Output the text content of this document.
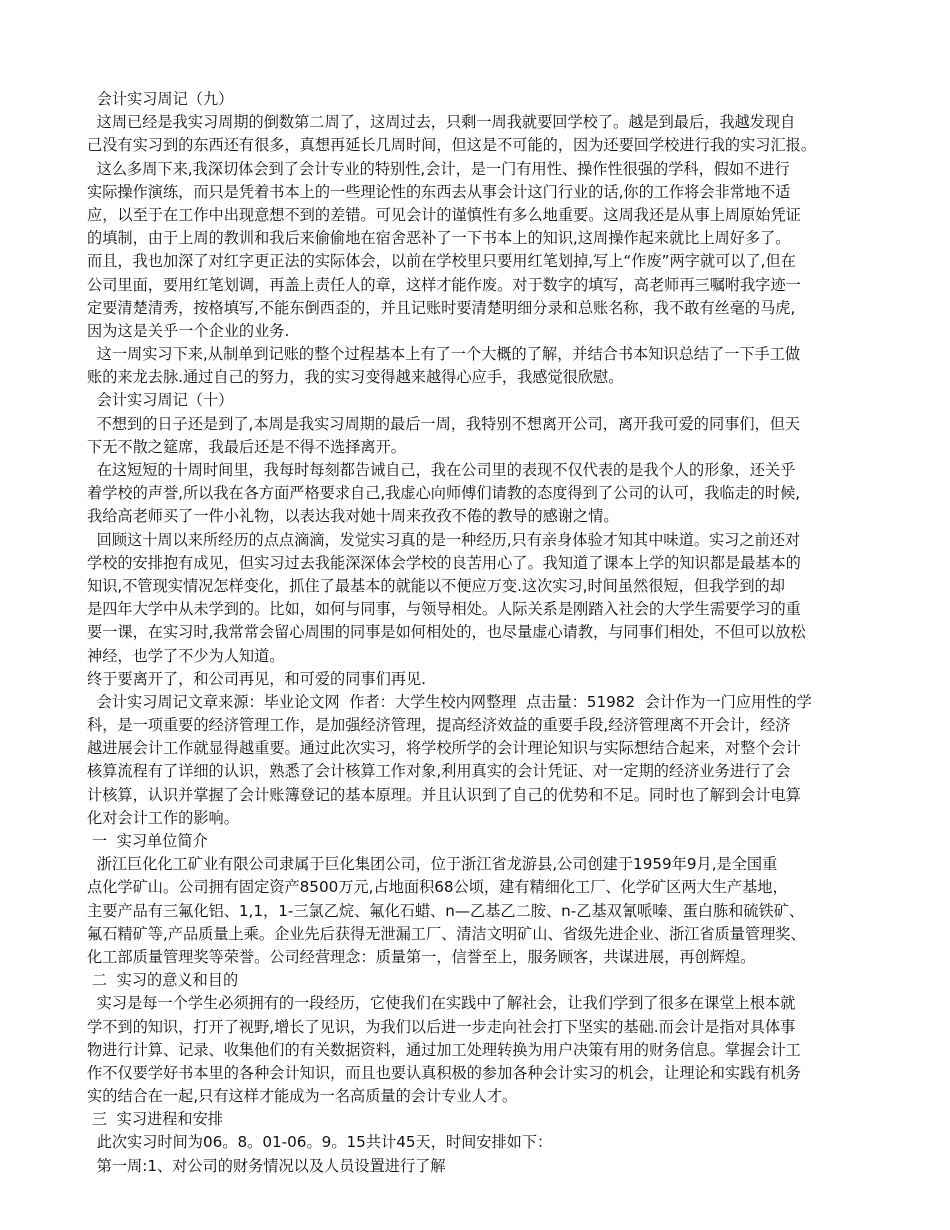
会计实习周记（九）
这周已经是我实习周期的倒数第二周了，这周过去，只剩一周我就要回学校了。越是到最后，我越发现自
己没有实习到的东西还有很多，真想再延长几周时间，但这是不可能的，因为还要回学校进行我的实习汇报。
这么多周下来,我深切体会到了会计专业的特别性,会计，是一门有用性、操作性很强的学科，假如不进行
实际操作演练，而只是凭着书本上的一些理论性的东西去从事会计这门行业的话,你的工作将会非常地不适
应，以至于在工作中出现意想不到的差错。可见会计的谨慎性有多么地重要。这周我还是从事上周原始凭证
的填制，由于上周的教训和我后来偷偷地在宿舍恶补了一下书本上的知识,这周操作起来就比上周好多了。
而且，我也加深了对红字更正法的实际体会，以前在学校里只要用红笔划掉,写上“作废”两字就可以了,但在
公司里面，要用红笔划调，再盖上责任人的章，这样才能作废。对于数字的填写，高老师再三嘱咐我字迹一
定要清楚清秀，按格填写,不能东倒西歪的，并且记账时要清楚明细分录和总账名称，我不敢有丝毫的马虎,
因为这是关乎一个企业的业务.
这一周实习下来,从制单到记账的整个过程基本上有了一个大概的了解，并结合书本知识总结了一下手工做
账的来龙去脉.通过自己的努力，我的实习变得越来越得心应手，我感觉很欣慰。
会计实习周记（十）
不想到的日子还是到了,本周是我实习周期的最后一周，我特别不想离开公司，离开我可爱的同事们，但天
下无不散之筵席，我最后还是不得不选择离开。
在这短短的十周时间里，我每时每刻都告诫自己，我在公司里的表现不仅代表的是我个人的形象，还关乎
着学校的声誉,所以我在各方面严格要求自己,我虚心向师傅们请教的态度得到了公司的认可，我临走的时候,
我给高老师买了一件小礼物，以表达我对她十周来孜孜不倦的教导的感谢之情。
回顾这十周以来所经历的点点滴滴，发觉实习真的是一种经历,只有亲身体验才知其中味道。实习之前还对
学校的安排抱有成见，但实习过去我能深深体会学校的良苦用心了。我知道了课本上学的知识都是最基本的
知识,不管现实情况怎样变化，抓住了最基本的就能以不便应万变.这次实习,时间虽然很短，但我学到的却
是四年大学中从未学到的。比如，如何与同事，与领导相处。人际关系是刚踏入社会的大学生需要学习的重
要一课，在实习时,我常常会留心周围的同事是如何相处的，也尽量虚心请教，与同事们相处，不但可以放松
神经，也学了不少为人知道。
终于要离开了，和公司再见，和可爱的同事们再见.
会计实习周记文章来源：毕业论文网  作者：大学生校内网整理  点击量：51982  会计作为一门应用性的学
科，是一项重要的经济管理工作，是加强经济管理，提高经济效益的重要手段,经济管理离不开会计，经济
越进展会计工作就显得越重要。通过此次实习，将学校所学的会计理论知识与实际想结合起来，对整个会计
核算流程有了详细的认识，熟悉了会计核算工作对象,利用真实的会计凭证、对一定期的经济业务进行了会
计核算，认识并掌握了会计账簿登记的基本原理。并且认识到了自己的优势和不足。同时也了解到会计电算
化对会计工作的影响。
一  实习单位简介
浙江巨化化工矿业有限公司隶属于巨化集团公司，位于浙江省龙游县,公司创建于1959年9月,是全国重
点化学矿山。公司拥有固定资产8500万元,占地面积68公顷，建有精细化工厂、化学矿区两大生产基地，
主要产品有三氟化铝、1,1，1-三氯乙烷、氟化石蜡、n—乙基乙二胺、n-乙基双氰哌嗪、蛋白胨和硫铁矿、
氟石精矿等,产品质量上乘。企业先后获得无泄漏工厂、清洁文明矿山、省级先进企业、浙江省质量管理奖、
化工部质量管理奖等荣誉。公司经营理念：质量第一，信誉至上，服务顾客，共谋进展，再创辉煌。
二  实习的意义和目的
实习是每一个学生必须拥有的一段经历，它使我们在实践中了解社会，让我们学到了很多在课堂上根本就
学不到的知识，打开了视野,增长了见识，为我们以后进一步走向社会打下坚实的基础.而会计是指对具体事
物进行计算、记录、收集他们的有关数据资料，通过加工处理转换为用户决策有用的财务信息。掌握会计工
作不仅要学好书本里的各种会计知识，而且也要认真积极的参加各种会计实习的机会，让理论和实践有机务
实的结合在一起,只有这样才能成为一名高质量的会计专业人才。
三  实习进程和安排
此次实习时间为06。8。01-06。9。15共计45天，时间安排如下：
第一周:1、对公司的财务情况以及人员设置进行了解
